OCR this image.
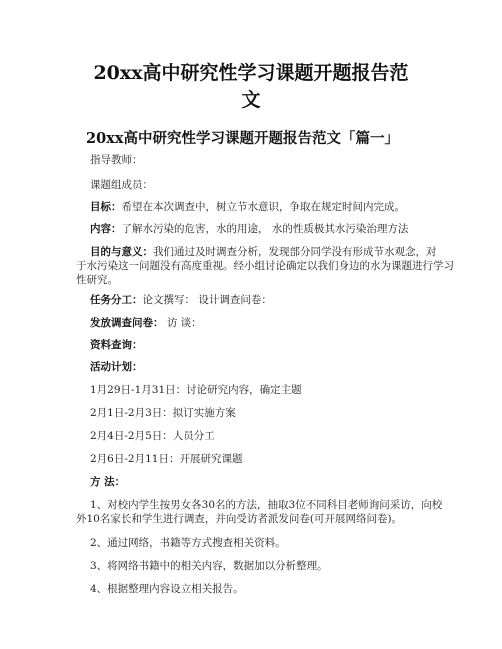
20xx高中研究性学习课题开题报告范
文
20xx高中研究性学习课题开题报告范文「篇一」
指导教师：
课题组成员：
目标：希望在本次调查中，树立节水意识，争取在规定时间内完成。
内容：了解水污染的危害，水的用途， 水的性质极其水污染治理方法
目的与意义：我们通过及时调查分析，发现部分同学没有形成节水观念，对
于水污染这一问题没有高度重视。经小组讨论确定以我们身边的水为课题进行学习
性研究。
任务分工：论文撰写： 设计调查问卷：
发放调查问卷： 访 谈：
资料查询：
活动计划：
1月29日-1月31日：讨论研究内容，确定主题
2月1日-2月3日：拟订实施方案
2月4日-2月5日：人员分工
2月6日-2月11日：开展研究课题
方 法：
1、对校内学生按男女各30名的方法，抽取3位不同科目老师询问采访，向校
外10名家长和学生进行调查，并向受访者派发问卷(可开展网络问卷)。
2、通过网络，书籍等方式搜查相关资料。
3、将网络书籍中的相关内容，数据加以分析整理。
4、根据整理内容设立相关报告。
